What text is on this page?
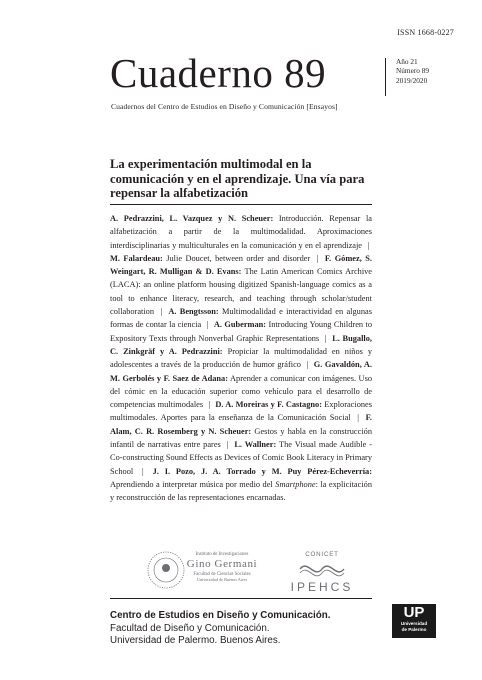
ISSN 1668-0227
Cuaderno 89	Año 21
Número 89
2019/2020
Cuadernos del Centro de Estudios en Diseño y Comunicación [Ensayos]
La experimentación multimodal en la comunicación y en el aprendizaje. Una vía para repensar la alfabetización

A. Pedrazzini, L. Vazquez y N. Scheuer: Introducción. Repensar la alfabetización a partir de la multimodalidad. Aproximaciones interdisciplinarias y multiculturales en la comunicación y en el aprendizaje | M. Falardeau: Julie Doucet, between order and disorder | F. Gómez, S. Weingart, R. Mulligan & D. Evans: The Latin American Comics Archive (LACA): an online platform housing digitized Spanish-language comics as a tool to enhance literacy, research, and teaching through scholar/student collaboration | A. Bengtsson: Multimodalidad e interactividad en algunas formas de contar la ciencia | A. Guberman: Introducing Young Children to Expository Texts through Nonverbal Graphic Representations | L. Bugallo, C. Zinkgräf y A. Pedrazzini: Propiciar la multimodalidad en niños y adolescentes a través de la producción de humor gráfico | G. Gavaldón, A. M. Gerbolés y F. Saez de Adana: Aprender a comunicar con imágenes. Uso del cómic en la educación superior como vehículo para el desarrollo de competencias multimodales | D. A. Moreiras y F. Castagno: Exploraciones multimodales. Aportes para la enseñanza de la Comunicación Social | F. Alam, C. R. Rosemberg y N. Scheuer: Gestos y habla en la construcción infantil de narrativas entre pares | L. Wallner: The Visual made Audible - Co-constructing Sound Effects as Devices of Comic Book Literacy in Primary School | J. I. Pozo, J. A. Torrado y M. Puy Pérez-Echeverría: Aprendiendo a interpretar música por medio del Smartphone: la explicitación y reconstrucción de las representaciones encarnadas.

Instituto de Investigaciones
Gino Germani
Facultad de Ciencias Sociales
Universidad de Buenos Aires
CONICET
IPEHCS
Centro de Estudios en Diseño y Comunicación.
Facultad de Diseño y Comunicación.
Universidad de Palermo. Buenos Aires.
UP
Universidad
de Palermo
